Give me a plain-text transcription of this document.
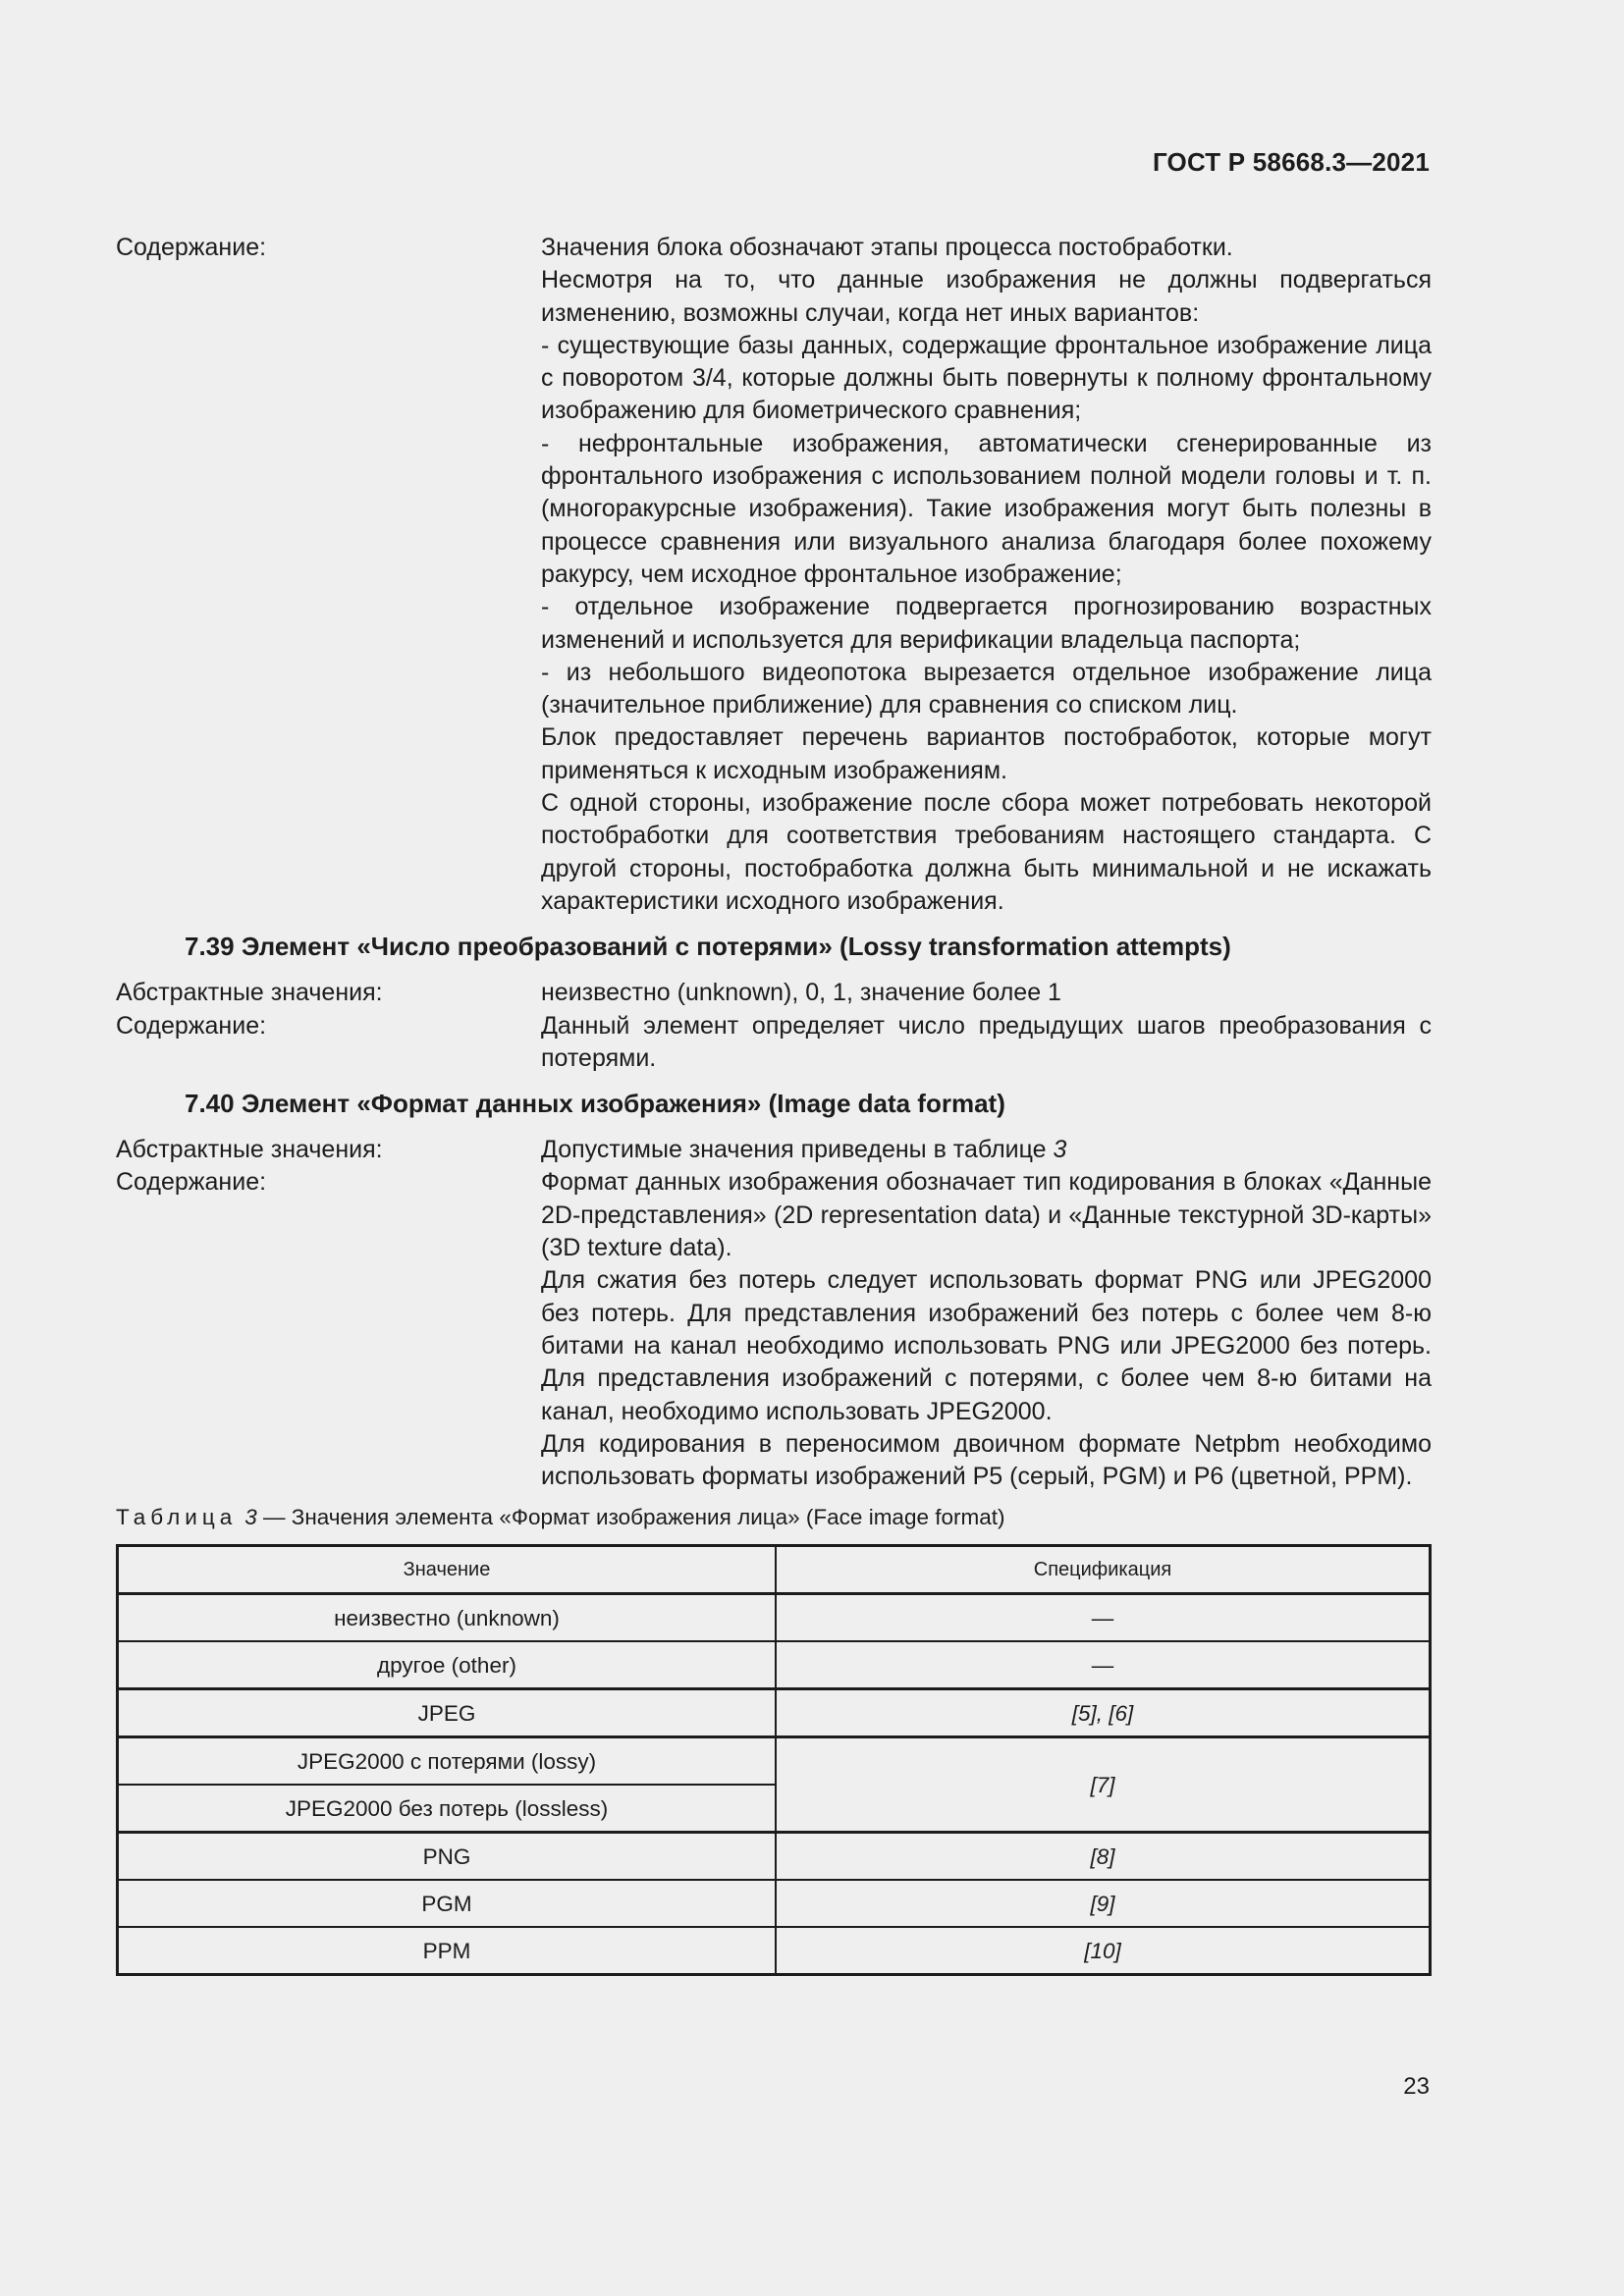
ГОСТ Р 58668.3—2021
Содержание:	Значения блока обозначают этапы процесса постобработки.

Несмотря на то, что данные изображения не должны подвергаться изменению, возможны случаи, когда нет иных вариантов:

- существующие базы данных, содержащие фронтальное изображение лица с поворотом 3/4, которые должны быть повернуты к полному фронтальному изображению для биометрического сравнения;

- нефронтальные изображения, автоматически сгенерированные из фронтального изображения с использованием полной модели головы и т. п. (многоракурсные изображения). Такие изображения могут быть полезны в процессе сравнения или визуального анализа благодаря более похожему ракурсу, чем исходное фронтальное изображение;

- отдельное изображение подвергается прогнозированию возрастных изменений и используется для верификации владельца паспорта;

- из небольшого видеопотока вырезается отдельное изображение лица (значительное приближение) для сравнения со списком лиц.

Блок предоставляет перечень вариантов постобработок, которые могут применяться к исходным изображениям.

С одной стороны, изображение после сбора может потребовать некоторой постобработки для соответствия требованиям настоящего стандарта. С другой стороны, постобработка должна быть минимальной и не искажать характеристики исходного изображения.

7.39 Элемент «Число преобразований с потерями» (Lossy transformation attempts)
Абстрактные значения:	неизвестно (unknown), 0, 1, значение более 1

Содержание:	Данный элемент определяет число предыдущих шагов преобразования с потерями.

7.40 Элемент «Формат данных изображения» (Image data format)
Абстрактные значения:	Допустимые значения приведены в таблице 3

Содержание:	Формат данных изображения обозначает тип кодирования в блоках «Данные 2D-представления» (2D representation data) и «Данные текстурной 3D-карты» (3D texture data).

Для сжатия без потерь следует использовать формат PNG или JPEG2000 без потерь. Для представления изображений без потерь с более чем 8-ю битами на канал необходимо использовать PNG или JPEG2000 без потерь. Для представления изображений с потерями, с более чем 8-ю битами на канал, необходимо использовать JPEG2000.

Для кодирования в переносимом двоичном формате Netpbm необходимо использовать форматы изображений P5 (серый, PGM) и P6 (цветной, PPM).

Таблица 3 — Значения элемента «Формат изображения лица» (Face image format)
Значение	Спецификация
неизвестно (unknown)	—
другое (other)	—
JPEG	[5], [6]
JPEG2000 с потерями (lossy)	[7]
JPEG2000 без потерь (lossless)	
PNG	[8]
PGM	[9]
PPM	[10]
23
